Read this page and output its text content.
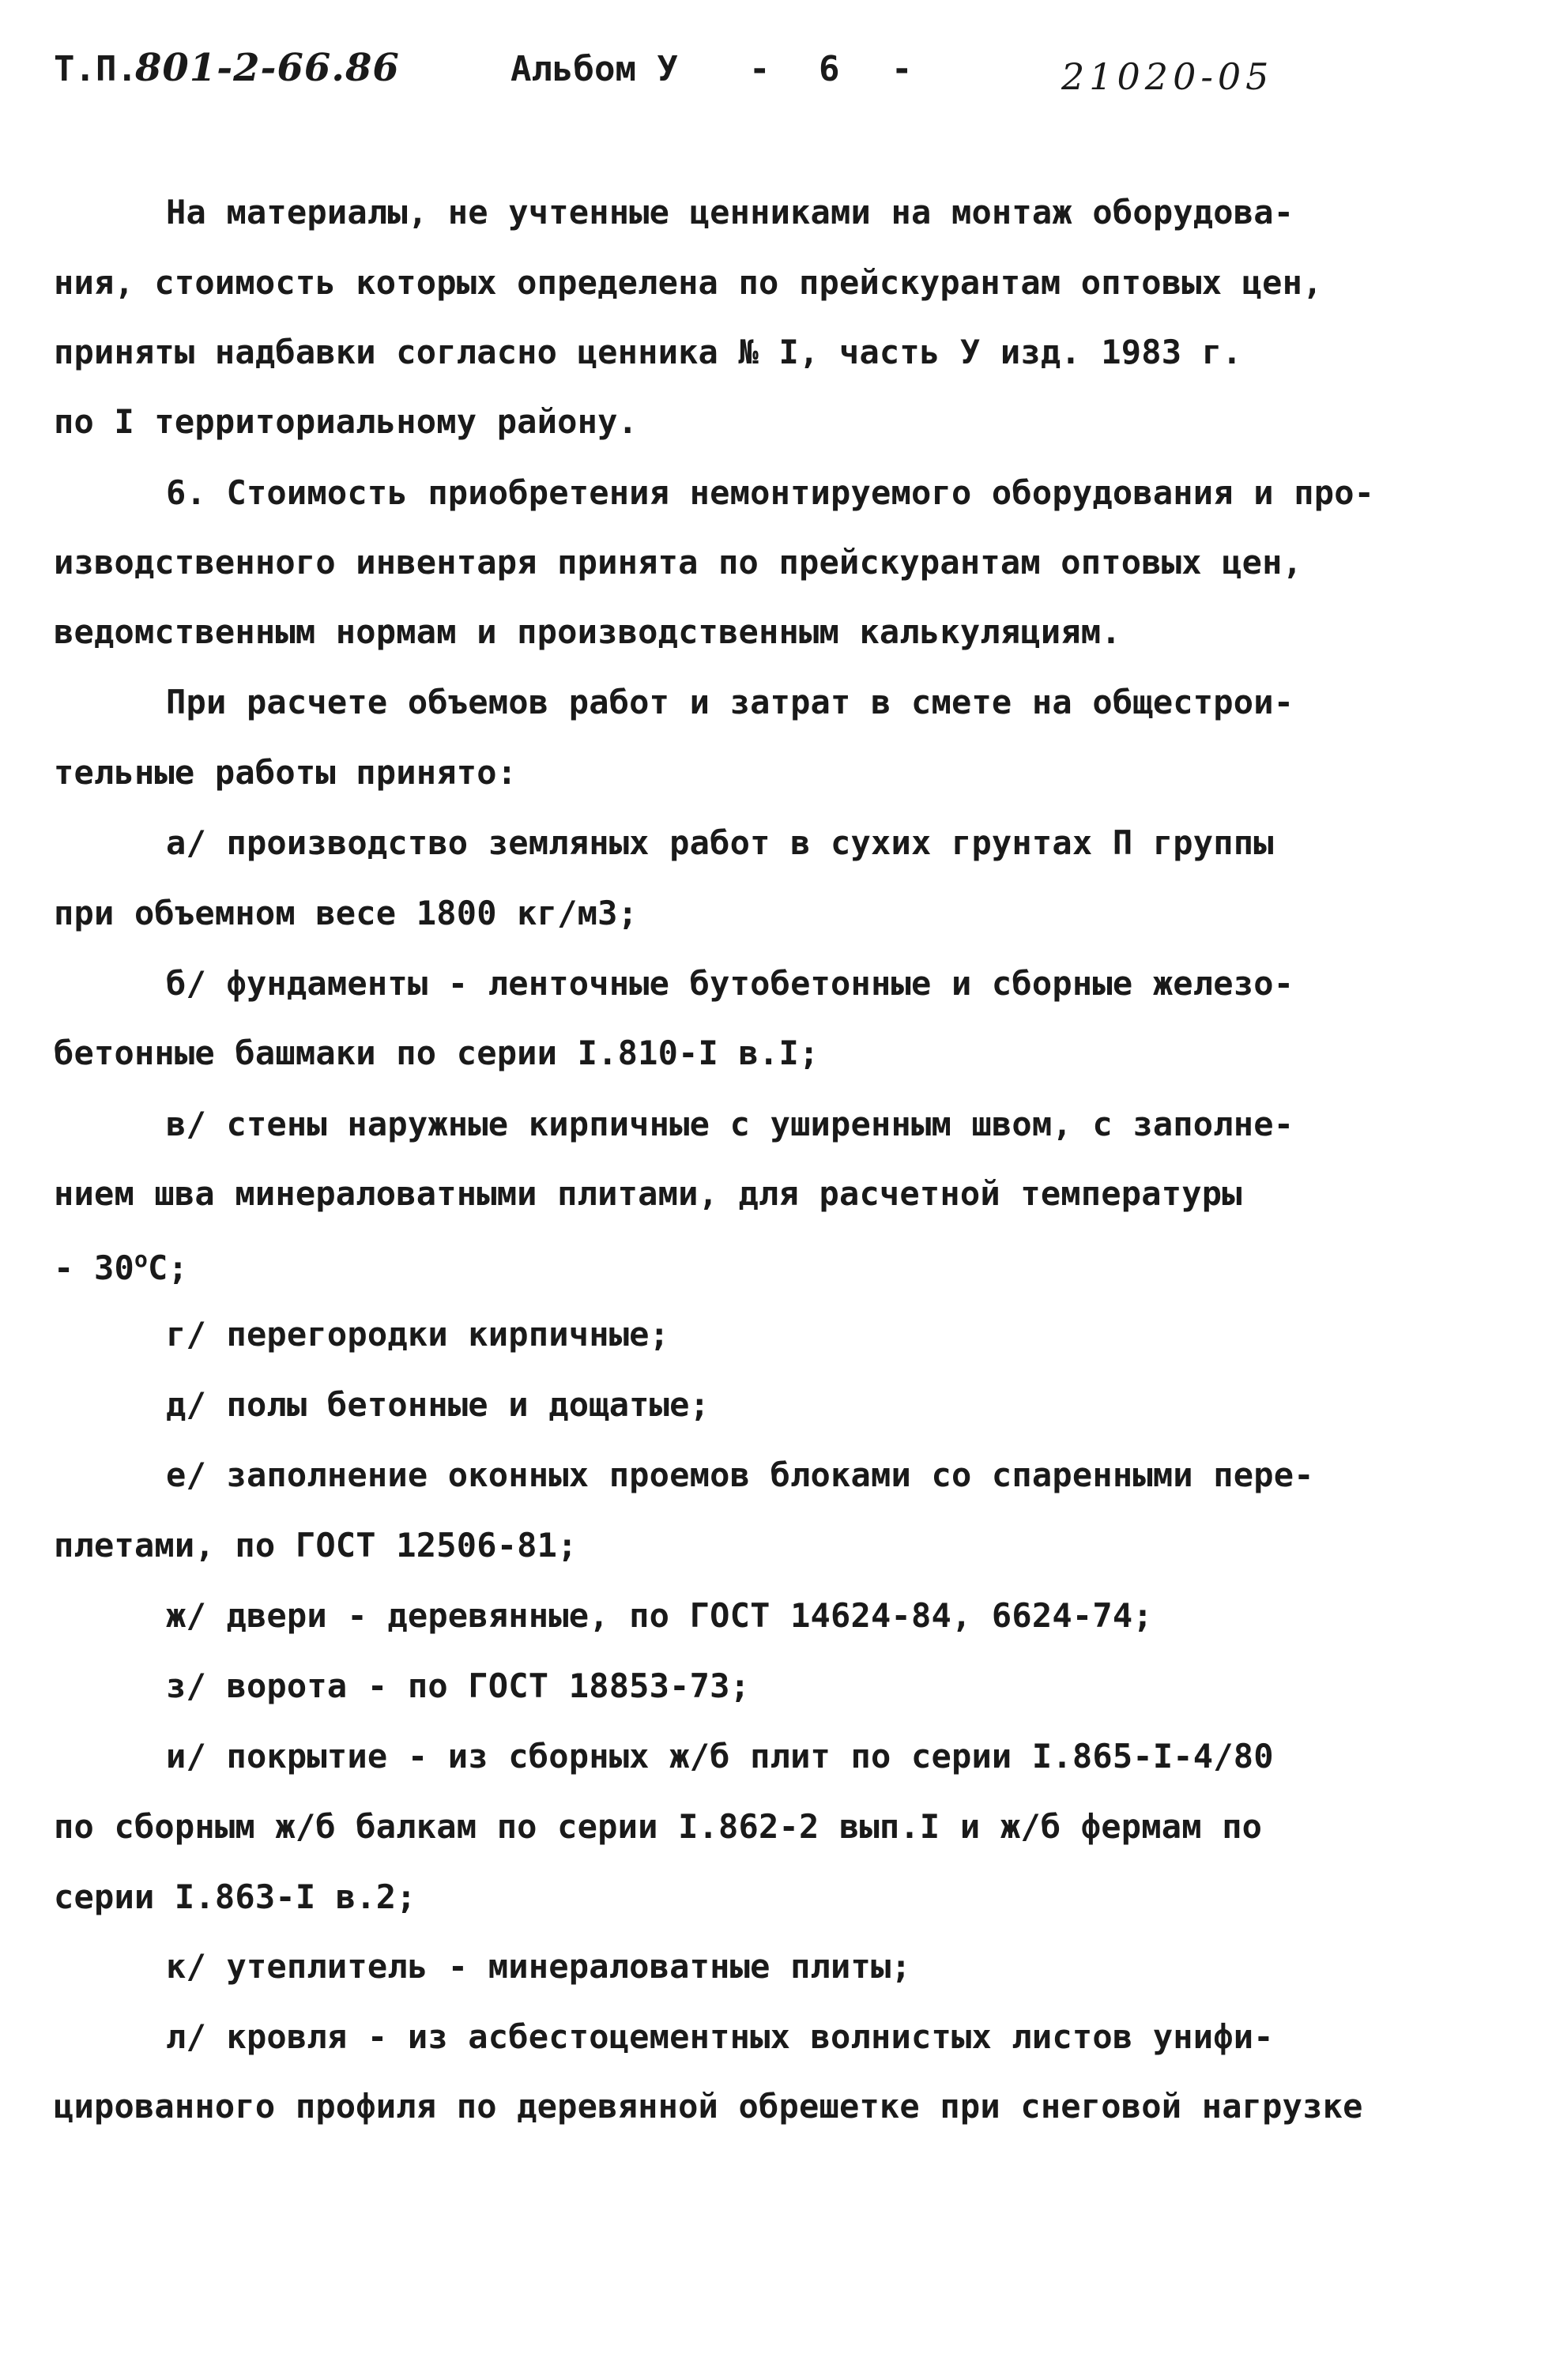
Т.П.
801-2-66.86	Альбом У - 6 -	21020-05
На материалы, не учтенные ценниками на монтаж оборудова-
ния, стоимость которых определена по прейскурантам оптовых цен,
приняты надбавки согласно ценника № I, часть У изд. 1983 г.
по I территориальному району.
6. Стоимость приобретения немонтируемого оборудования и про-
изводственного инвентаря принята по прейскурантам оптовых цен,
ведомственным нормам и производственным калькуляциям.
При расчете объемов работ и затрат в смете на общестрои-
тельные работы принято:
а/ производство земляных работ в сухих грунтах П группы
при объемном весе 1800 кг/м3;
б/ фундаменты - ленточные бутобетонные и сборные железо-
бетонные башмаки по серии I.810-I в.I;
в/ стены наружные кирпичные с уширенным швом, с заполне-
нием шва минераловатными плитами, для расчетной температуры
- 30$^o$С;
г/ перегородки кирпичные;
д/ полы бетонные и дощатые;
е/ заполнение оконных проемов блоками со спаренными пере-
плетами, по ГОСТ 12506-81;
ж/ двери - деревянные, по ГОСТ 14624-84, 6624-74;
з/ ворота - по ГОСТ 18853-73;
и/ покрытие - из сборных ж/б плит по серии I.865-I-4/80
по сборным ж/б балкам по серии I.862-2 вып.I и ж/б фермам по
серии I.863-I в.2;
к/ утеплитель - минераловатные плиты;
л/ кровля - из асбестоцементных волнистых листов унифи-
цированного профиля по деревянной обрешетке при снеговой нагрузке
